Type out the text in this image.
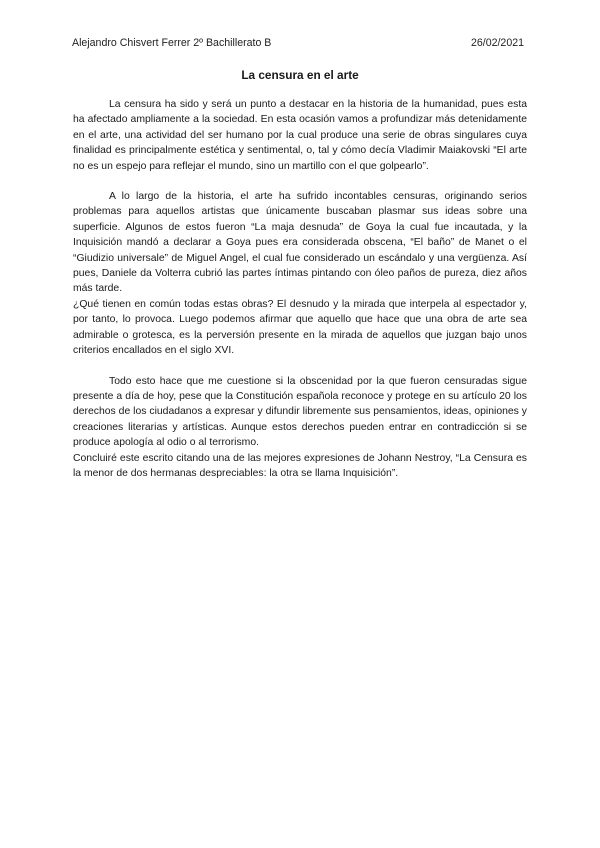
Alejandro Chisvert Ferrer 2º Bachillerato B	26/02/2021
La censura en el arte

La censura ha sido y será un punto a destacar en la historia de la humanidad, pues esta ha afectado ampliamente a la sociedad. En esta ocasión vamos a profundizar más detenidamente en el arte, una actividad del ser humano por la cual produce una serie de obras singulares cuya finalidad es principalmente estética y sentimental, o, tal y cómo decía Vladimir Maiakovski “El arte no es un espejo para reflejar el mundo, sino un martillo con el que golpearlo”.

A lo largo de la historia, el arte ha sufrido incontables censuras, originando serios problemas para aquellos artistas que únicamente buscaban plasmar sus ideas sobre una superficie. Algunos de estos fueron “La maja desnuda” de Goya la cual fue incautada, y la Inquisición mandó a declarar a Goya pues era considerada obscena, “El baño” de Manet o el “Giudizio universale” de Miguel Angel, el cual fue considerado un escándalo y una vergüenza. Así pues, Daniele da Volterra cubrió las partes íntimas pintando con óleo paños de pureza, diez años más tarde.

¿Qué tienen en común todas estas obras? El desnudo y la mirada que interpela al espectador y, por tanto, lo provoca. Luego podemos afirmar que aquello que hace que una obra de arte sea admirable o grotesca, es la perversión presente en la mirada de aquellos que juzgan bajo unos criterios encallados en el siglo XVI.

Todo esto hace que me cuestione si la obscenidad por la que fueron censuradas sigue presente a día de hoy, pese que la Constitución española reconoce y protege en su artículo 20 los derechos de los ciudadanos a expresar y difundir libremente sus pensamientos, ideas, opiniones y creaciones literarias y artísticas. Aunque estos derechos pueden entrar en contradicción si se produce apología al odio o al terrorismo.

Concluiré este escrito citando una de las mejores expresiones de Johann Nestroy, “La Censura es la menor de dos hermanas despreciables: la otra se llama Inquisición”.
